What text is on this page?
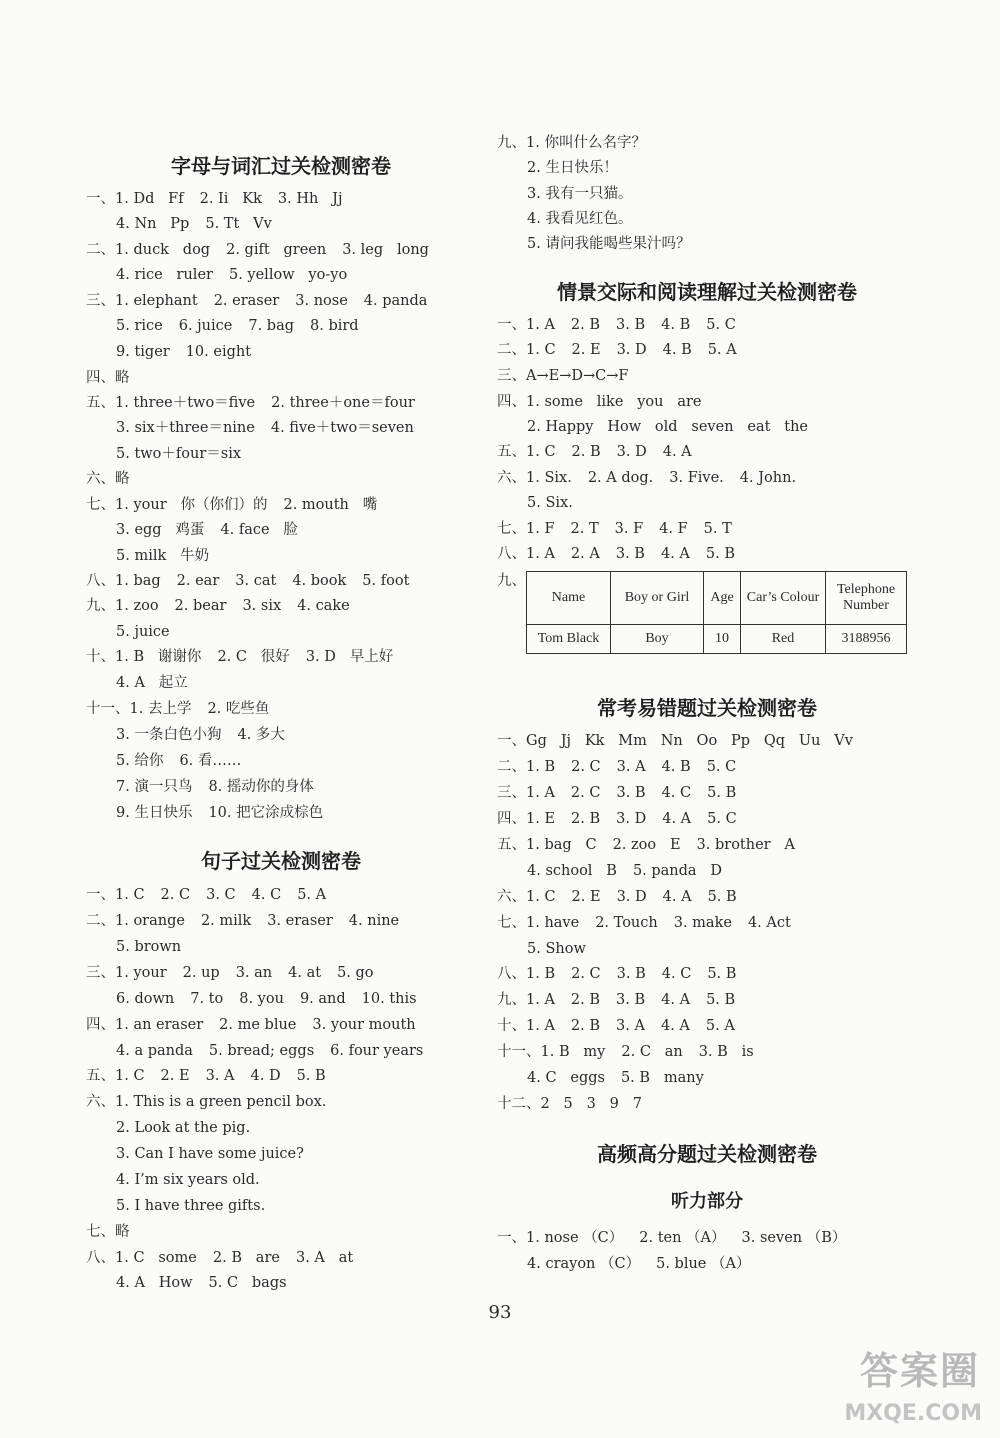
字母与词汇过关检测密卷
一、1. Dd   Ff 2. Ii   Kk 3. Hh   Jj
4. Nn   Pp 5. Tt   Vv
二、1. duck   dog 2. gift   green 3. leg   long
4. rice   ruler 5. yellow   yo-yo
三、1. elephant 2. eraser 3. nose 4. panda
5. rice 6. juice 7. bag 8. bird
9. tiger 10. eight
四、略
五、1. three＋two＝five 2. three＋one＝four
3. six＋three＝nine 4. five＋two＝seven
5. two＋four＝six
六、略
七、1. your   你（你们）的 2. mouth   嘴
3. egg   鸡蛋 4. face   脸
5. milk   牛奶
八、1. bag 2. ear 3. cat 4. book 5. foot
九、1. zoo 2. bear 3. six 4. cake
5. juice
十、1. B   谢谢你 2. C   很好 3. D   早上好
4. A   起立
十一、1. 去上学 2. 吃些鱼
3. 一条白色小狗 4. 多大
5. 给你 6. 看……
7. 演一只鸟 8. 摇动你的身体
9. 生日快乐 10. 把它涂成棕色
句子过关检测密卷
一、1. C 2. C 3. C 4. C 5. A
二、1. orange 2. milk 3. eraser 4. nine
5. brown
三、1. your 2. up 3. an 4. at 5. go
6. down 7. to 8. you 9. and 10. this
四、1. an eraser 2. me blue 3. your mouth
4. a panda 5. bread; eggs 6. four years
五、1. C 2. E 3. A 4. D 5. B
六、1. This is a green pencil box.
2. Look at the pig.
3. Can I have some juice?
4. I’m six years old.
5. I have three gifts.
七、略
八、1. C   some 2. B   are 3. A   at
4. A   How 5. C   bags
九、1. 你叫什么名字？
2. 生日快乐！
3. 我有一只猫。
4. 我看见红色。
5. 请问我能喝些果汁吗？
情景交际和阅读理解过关检测密卷
一、1. A 2. B 3. B 4. B 5. C
二、1. C 2. E 3. D 4. B 5. A
三、A→E→D→C→F
四、1. some   like   you   are
2. Happy   How   old   seven   eat   the
五、1. C 2. B 3. D 4. A
六、1. Six. 2. A dog. 3. Five. 4. John.
5. Six.
七、1. F 2. T 3. F 4. F 5. T
八、1. A 2. A 3. B 4. A 5. B
九、
Name	Boy or Girl	Age	Car’s Colour	Telephone Number
Tom Black	Boy	10	Red	3188956
常考易错题过关检测密卷
一、Gg   Jj   Kk   Mm   Nn   Oo   Pp   Qq   Uu   Vv
二、1. B 2. C 3. A 4. B 5. C
三、1. A 2. C 3. B 4. C 5. B
四、1. E 2. B 3. D 4. A 5. C
五、1. bag   C 2. zoo   E 3. brother   A
4. school   B 5. panda   D
六、1. C 2. E 3. D 4. A 5. B
七、1. have 2. Touch 3. make 4. Act
5. Show
八、1. B 2. C 3. B 4. C 5. B
九、1. A 2. B 3. B 4. A 5. B
十、1. A 2. B 3. A 4. A 5. A
十一、1. B   my 2. C   an 3. B   is
4. C   eggs 5. B   many
十二、2   5   3   9   7
高频高分题过关检测密卷
听力部分
一、1. nose （C） 2. ten （A） 3. seven （B）
4. crayon （C） 5. blue （A）
93
答案圈
MXQE.COM
